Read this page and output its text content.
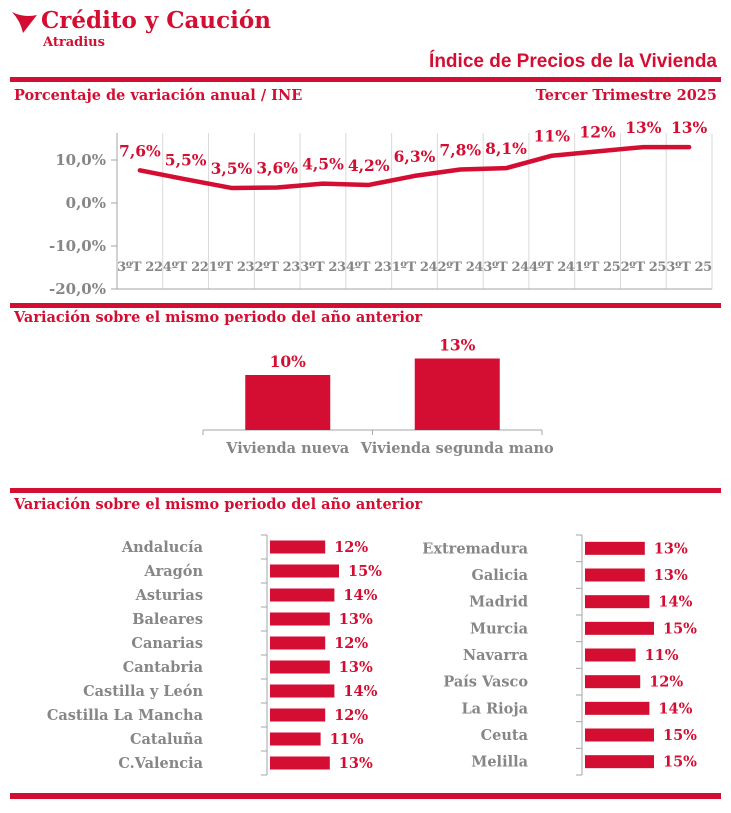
Crédito y Caución
Atradius
Índice de Precios de la Vivienda
Porcentaje de variación anual / INE	Tercer Trimestre 2025
10,0%
0,0%
-10,0%
-20,0%
3ºT 22 4ºT 22 1ºT 23 2ºT 23 3ºT 23 4ºT 23 1ºT 24 2ºT 24 3ºT 24 4ºT 24 1ºT 25 2ºT 25 3ºT 25
7,6% 5,5% 3,5% 3,6% 4,5% 4,2% 6,3% 7,8% 8,1%
11% 12% 13% 13%
Variación sobre el mismo periodo del año anterior
10%
Vivienda nueva
13%
Vivienda segunda mano
Variación sobre el mismo periodo del año anterior
Andalucía	12%
Aragón	15%
Asturias	14%
Baleares	13%
Canarias	12%
Cantabria	13%
Castilla y León	14%
Castilla La Mancha	12%
Cataluña	11%
C.Valencia	13%
Extremadura	13%
Galicia	13%
Madrid	14%
Murcia	15%
Navarra	11%
País Vasco	12%
La Rioja	14%
Ceuta	15%
Melilla	15%
